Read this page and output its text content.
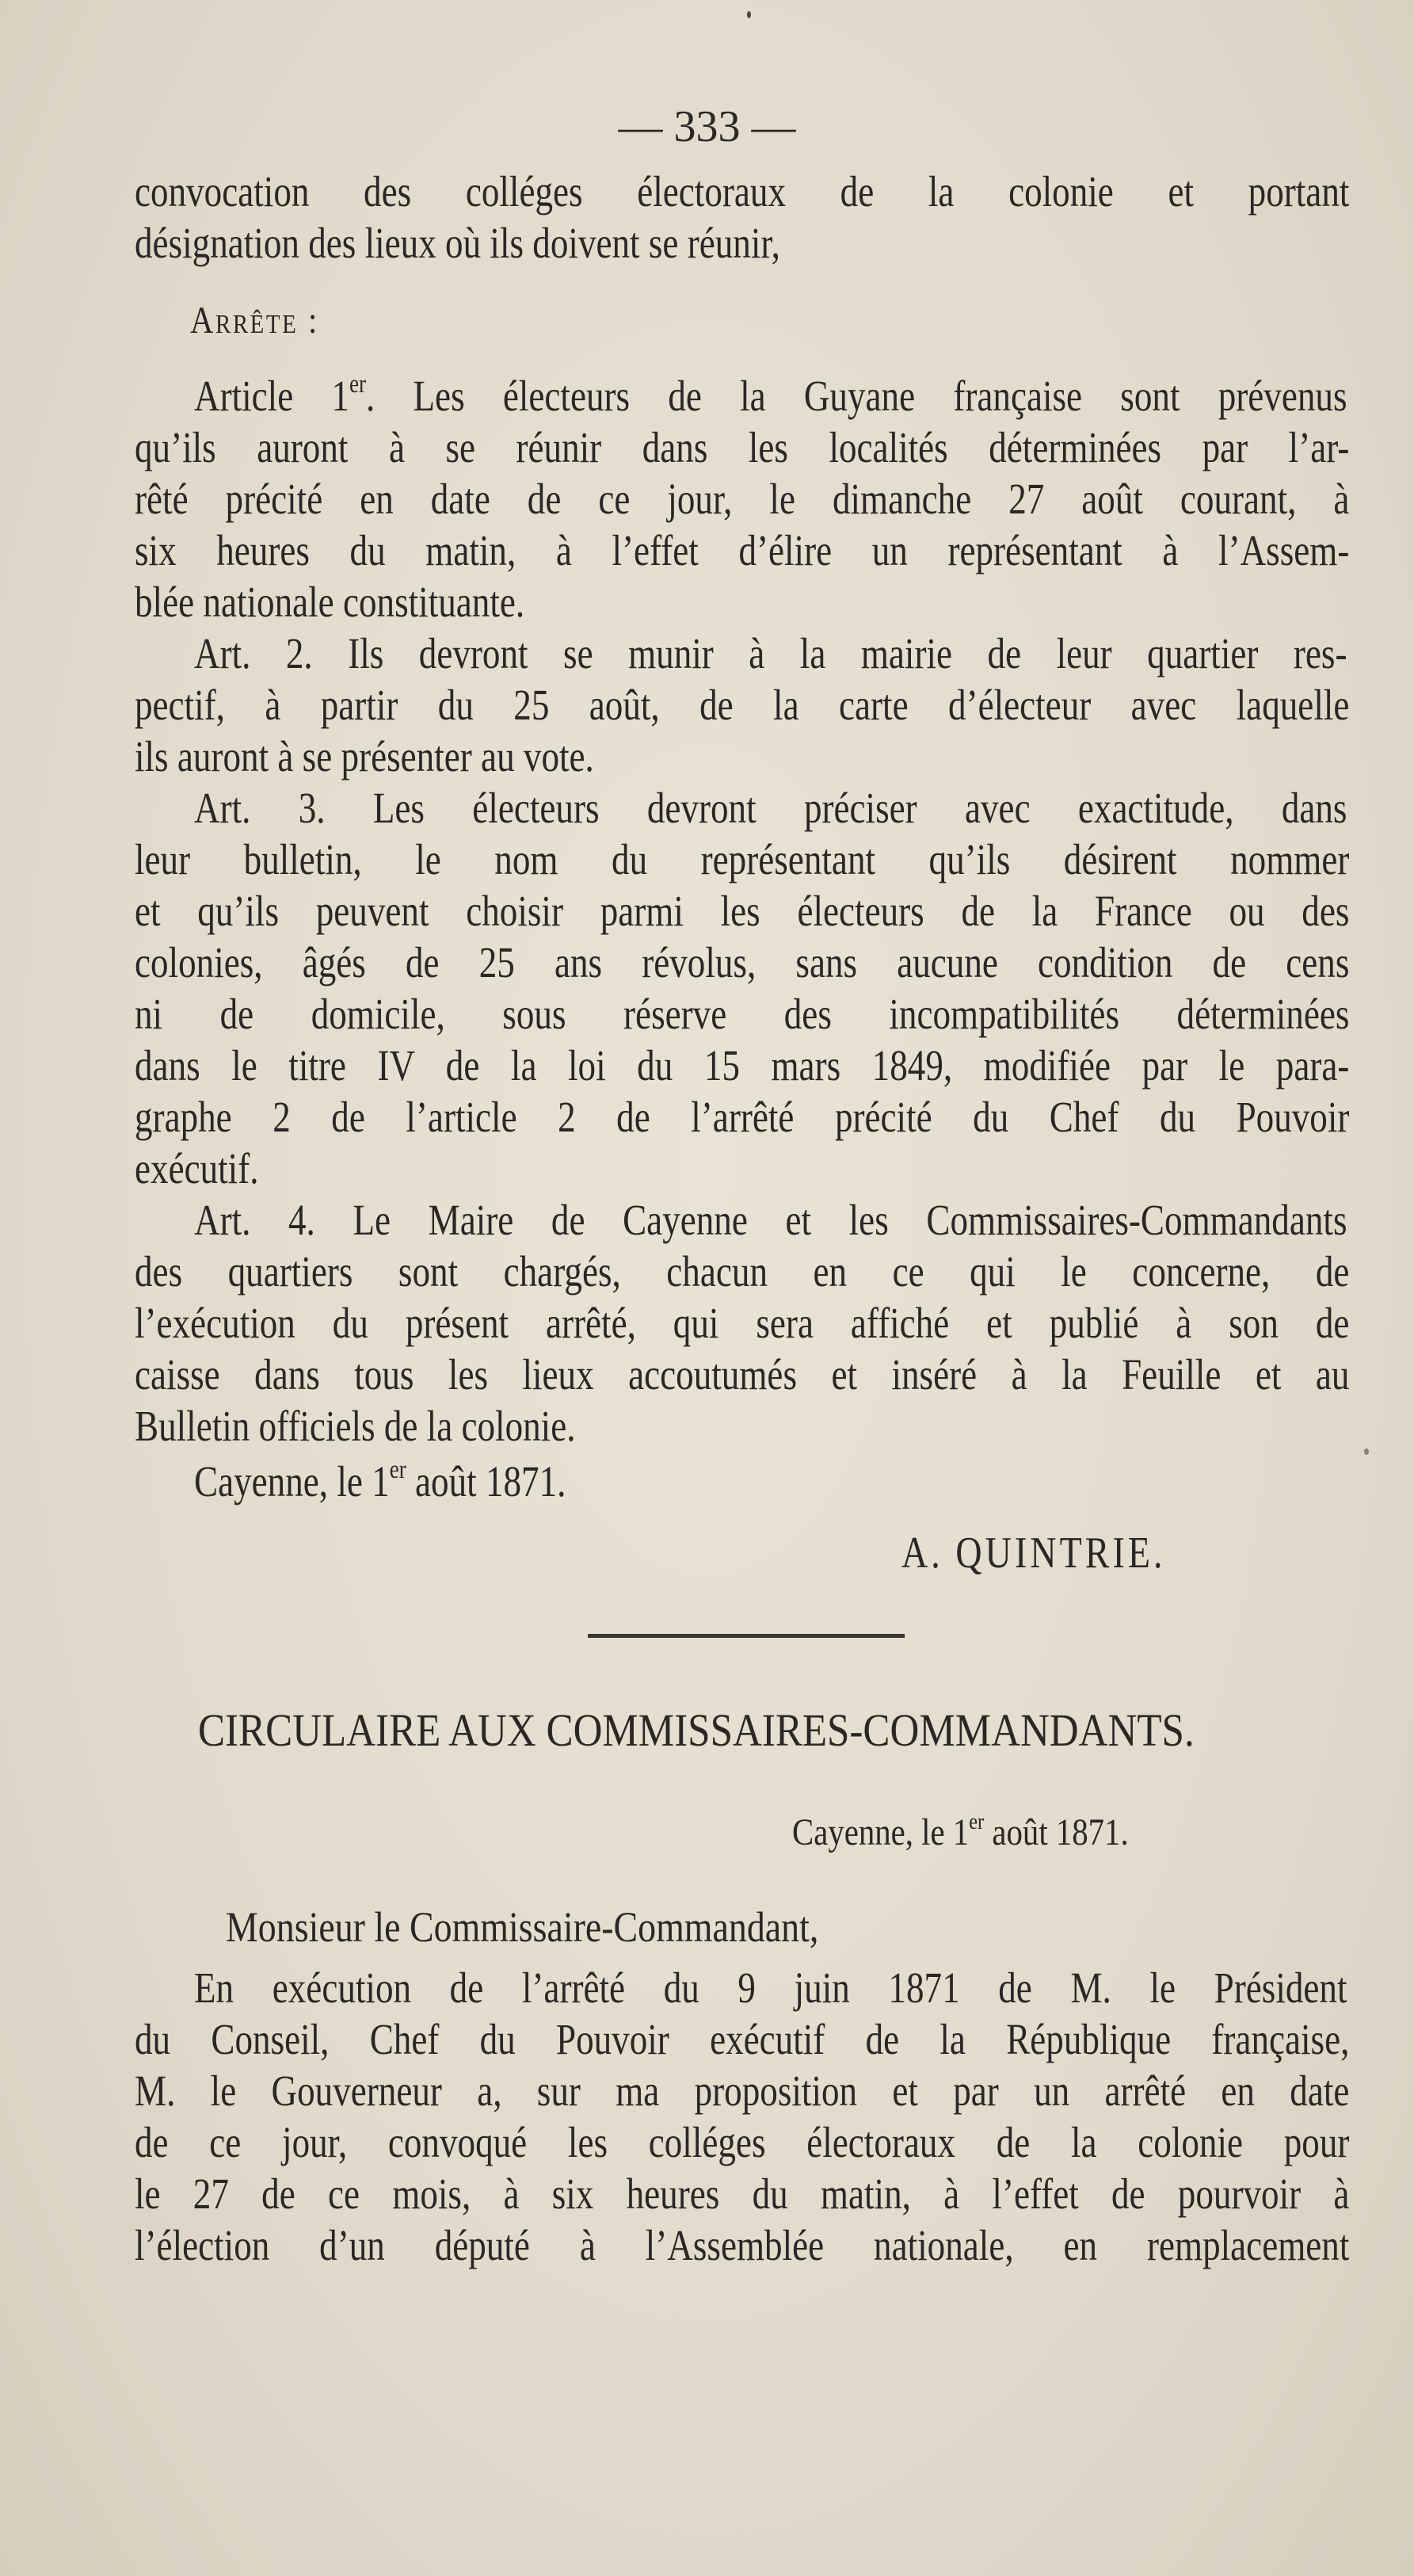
— 333 —
convocation des colléges électoraux de la colonie et portant
désignation des lieux où ils doivent se réunir,
Arrête :
Article 1er. Les électeurs de la Guyane française sont prévenus
qu’ils auront à se réunir dans les localités déterminées par l’ar-
rêté précité en date de ce jour, le dimanche 27 août courant, à
six heures du matin, à l’effet d’élire un représentant à l’Assem-
blée nationale constituante.
Art. 2. Ils devront se munir à la mairie de leur quartier res-
pectif, à partir du 25 août, de la carte d’électeur avec laquelle
ils auront à se présenter au vote.
Art. 3. Les électeurs devront préciser avec exactitude, dans
leur bulletin, le nom du représentant qu’ils désirent nommer
et qu’ils peuvent choisir parmi les électeurs de la France ou des
colonies, âgés de 25 ans révolus, sans aucune condition de cens
ni de domicile, sous réserve des incompatibilités déterminées
dans le titre IV de la loi du 15 mars 1849, modifiée par le para-
graphe 2 de l’article 2 de l’arrêté précité du Chef du Pouvoir
exécutif.
Art. 4. Le Maire de Cayenne et les Commissaires-Commandants
des quartiers sont chargés, chacun en ce qui le concerne, de
l’exécution du présent arrêté, qui sera affiché et publié à son de
caisse dans tous les lieux accoutumés et inséré à la Feuille et au
Bulletin officiels de la colonie.
Cayenne, le 1er août 1871.
A. QUINTRIE.
CIRCULAIRE AUX COMMISSAIRES-COMMANDANTS.
Cayenne, le 1er août 1871.
Monsieur le Commissaire-Commandant,
En exécution de l’arrêté du 9 juin 1871 de M. le Président
du Conseil, Chef du Pouvoir exécutif de la République française,
M. le Gouverneur a, sur ma proposition et par un arrêté en date
de ce jour, convoqué les colléges électoraux de la colonie pour
le 27 de ce mois, à six heures du matin, à l’effet de pourvoir à
l’élection d’un député à l’Assemblée nationale, en remplacement
